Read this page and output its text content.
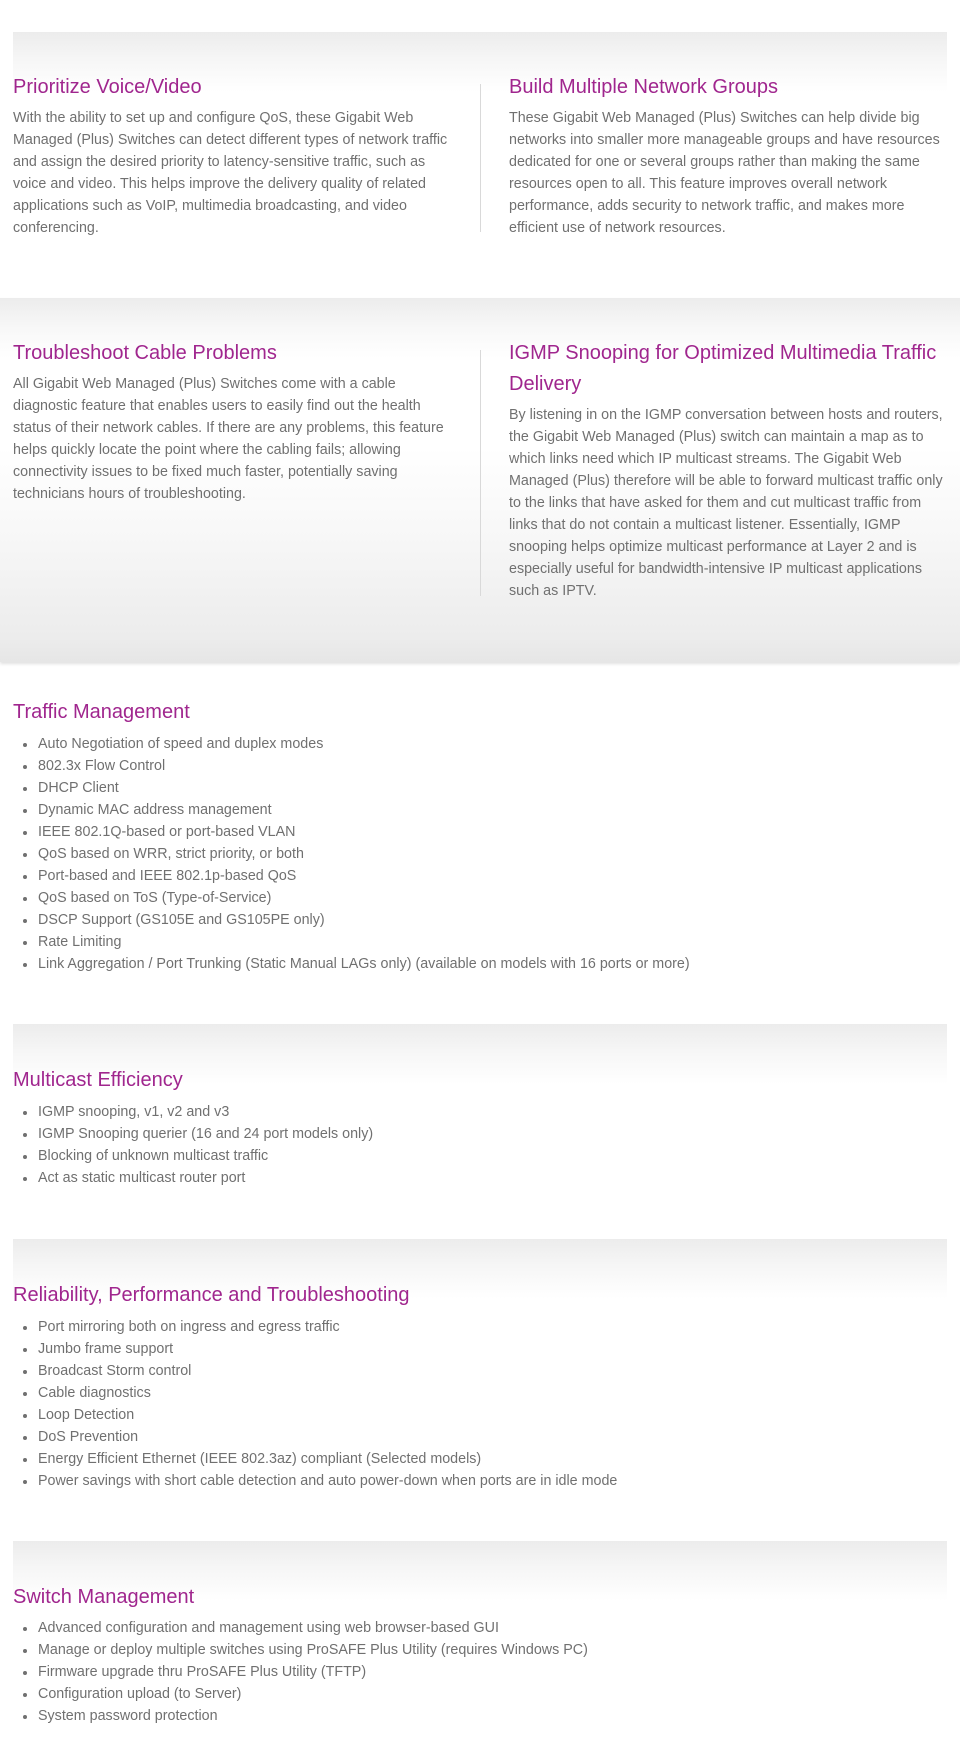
Prioritize Voice/Video

With the ability to set up and configure QoS, these Gigabit Web Managed (Plus) Switches can detect different types of network traffic and assign the desired priority to latency-sensitive traffic, such as voice and video. This helps improve the delivery quality of related applications such as VoIP, multimedia broadcasting, and video conferencing.

Build Multiple Network Groups

These Gigabit Web Managed (Plus) Switches can help divide big networks into smaller more manageable groups and have resources dedicated for one or several groups rather than making the same resources open to all. This feature improves overall network performance, adds security to network traffic, and makes more efficient use of network resources.

Troubleshoot Cable Problems

All Gigabit Web Managed (Plus) Switches come with a cable diagnostic feature that enables users to easily find out the health status of their network cables. If there are any problems, this feature helps quickly locate the point where the cabling fails; allowing connectivity issues to be fixed much faster, potentially saving technicians hours of troubleshooting.

IGMP Snooping for Optimized Multimedia Traffic Delivery

By listening in on the IGMP conversation between hosts and routers, the Gigabit Web Managed (Plus) switch can maintain a map as to which links need which IP multicast streams. The Gigabit Web Managed (Plus) therefore will be able to forward multicast traffic only to the links that have asked for them and cut multicast traffic from links that do not contain a multicast listener. Essentially, IGMP snooping helps optimize multicast performance at Layer 2 and is especially useful for bandwidth-intensive IP multicast applications such as IPTV.

Traffic Management
Auto Negotiation of speed and duplex modes
802.3x Flow Control
DHCP Client
Dynamic MAC address management
IEEE 802.1Q-based or port-based VLAN
QoS based on WRR, strict priority, or both
Port-based and IEEE 802.1p-based QoS
QoS based on ToS (Type-of-Service)
DSCP Support (GS105E and GS105PE only)
Rate Limiting
Link Aggregation / Port Trunking (Static Manual LAGs only) (available on models with 16 ports or more)
Multicast Efficiency
IGMP snooping, v1, v2 and v3
IGMP Snooping querier (16 and 24 port models only)
Blocking of unknown multicast traffic
Act as static multicast router port
Reliability, Performance and Troubleshooting
Port mirroring both on ingress and egress traffic
Jumbo frame support
Broadcast Storm control
Cable diagnostics
Loop Detection
DoS Prevention
Energy Efficient Ethernet (IEEE 802.3az) compliant (Selected models)
Power savings with short cable detection and auto power-down when ports are in idle mode
Switch Management
Advanced configuration and management using web browser-based GUI
Manage or deploy multiple switches using ProSAFE Plus Utility (requires Windows PC)
Firmware upgrade thru ProSAFE Plus Utility (TFTP)
Configuration upload (to Server)
System password protection
